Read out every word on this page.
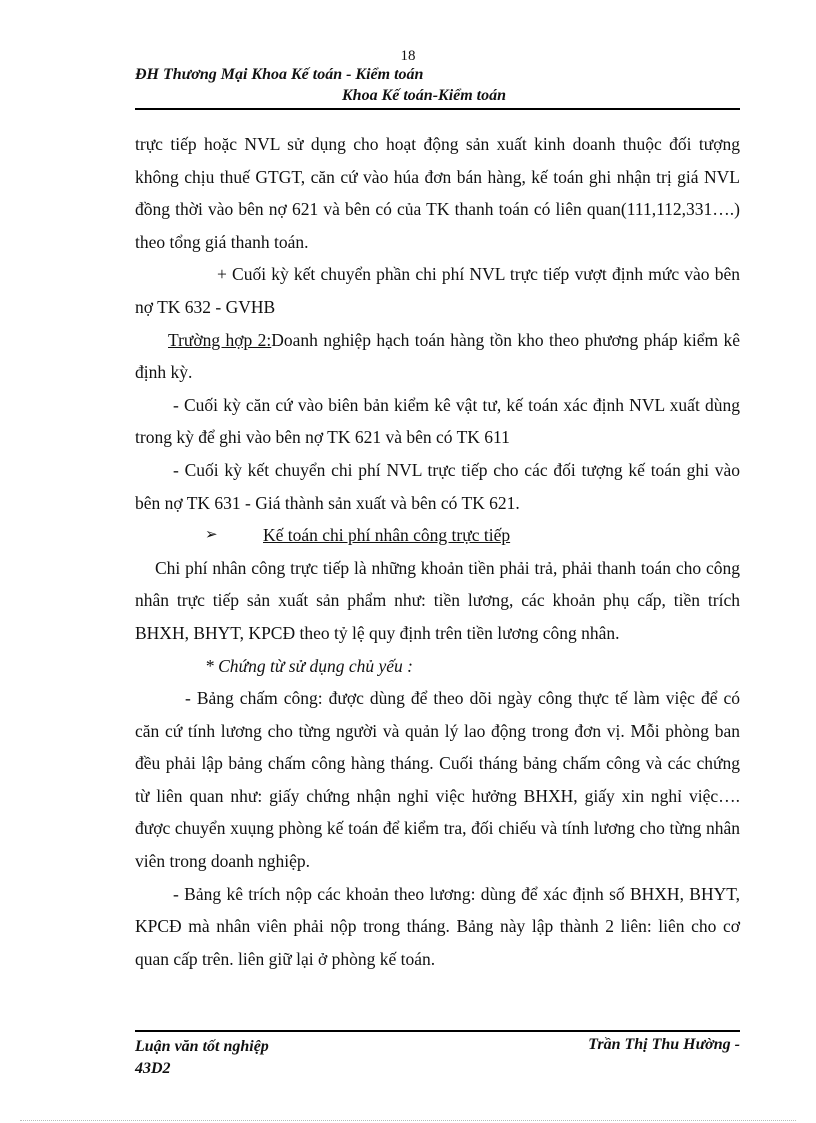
18
ĐH Thương Mại Khoa Kế toán - Kiểm toán
Khoa Kế toán-Kiểm toán

trực tiếp hoặc NVL sử dụng cho hoạt động sản xuất kinh doanh thuộc đối tượng không chịu thuế GTGT, căn cứ vào húa đơn bán hàng, kế toán ghi nhận trị giá NVL đồng thời vào bên nợ 621 và bên có của TK thanh toán có liên quan(111,112,331….) theo tổng giá thanh toán.

+ Cuối kỳ kết chuyển phần chi phí NVL trực tiếp vượt định mức vào bên nợ TK 632 - GVHB

Trường hợp 2:Doanh nghiệp hạch toán hàng tồn kho theo phương pháp kiểm kê định kỳ.

- Cuối kỳ căn cứ vào biên bản kiểm kê vật tư, kế toán xác định NVL xuất dùng trong kỳ để ghi vào bên nợ TK 621 và bên có TK 611

- Cuối kỳ kết chuyển chi phí NVL trực tiếp cho các đối tượng kế toán ghi vào bên nợ TK 631 - Giá thành sản xuất và bên có TK 621.

➢	Kế toán chi phí nhân công trực tiếp

Chi phí nhân công trực tiếp là những khoản tiền phải trả, phải thanh toán cho công nhân trực tiếp sản xuất sản phẩm như: tiền lương, các khoản phụ cấp, tiền trích BHXH, BHYT, KPCĐ theo tỷ lệ quy định trên tiền lương công nhân.

* Chứng từ sử dụng chủ yếu :

- Bảng chấm công: được dùng để theo dõi ngày công thực tế làm việc để có căn cứ tính lương cho từng người và quản lý lao động trong đơn vị. Mỗi phòng ban đều phải lập bảng chấm công hàng tháng. Cuối tháng bảng chấm công và các chứng từ liên quan như: giấy chứng nhận nghỉ việc hưởng BHXH, giấy xin nghỉ việc…. được chuyển xuụng phòng kế toán để kiểm tra, đối chiếu và tính lương cho từng nhân viên trong doanh nghiệp.

- Bảng kê trích nộp các khoản theo lương: dùng để xác định số BHXH, BHYT, KPCĐ mà nhân viên phải nộp trong tháng. Bảng này lập thành 2 liên: liên cho cơ quan cấp trên. liên giữ lại ở phòng kế toán.

Luận văn tốt nghiệp
43D2
Trần Thị Thu Hường -
